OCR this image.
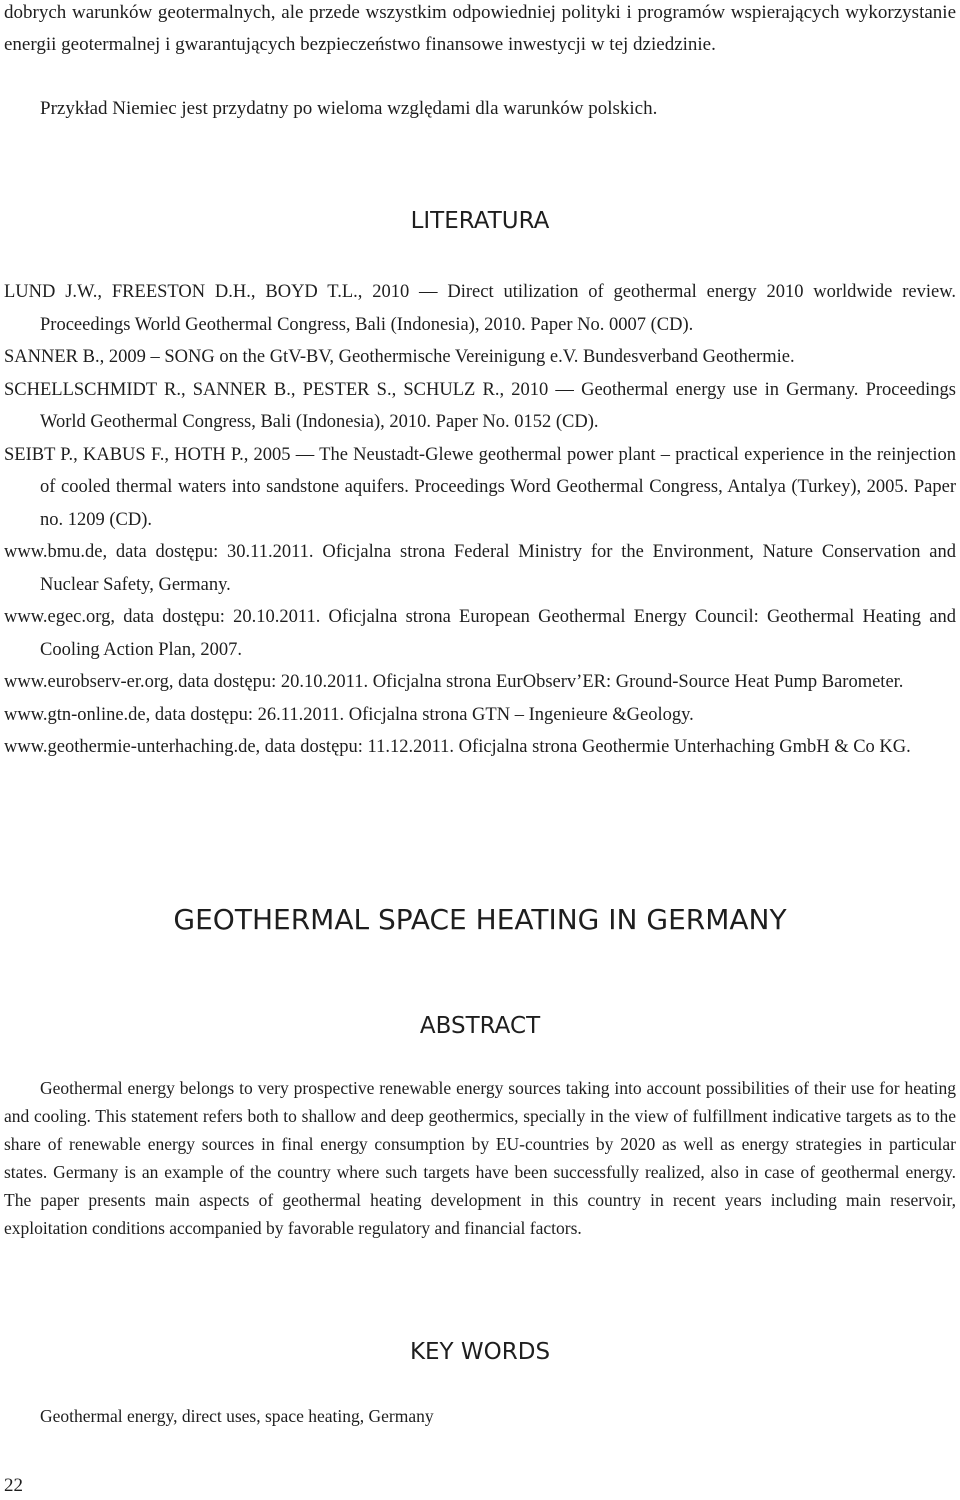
dobrych warunków geotermalnych, ale przede wszystkim odpowiedniej polityki i programów wspierających wykorzystanie energii geotermalnej i gwarantujących bezpieczeństwo finansowe inwestycji w tej dziedzinie.

Przykład Niemiec jest przydatny po wieloma względami dla warunków polskich.

LITERATURA
LUND J.W., FREESTON D.H., BOYD T.L., 2010 — Direct utilization of geothermal energy 2010 worldwide review. Proceedings World Geothermal Congress, Bali (Indonesia), 2010. Paper No. 0007 (CD).
SANNER B., 2009 – SONG on the GtV-BV, Geothermische Vereinigung e.V. Bundesverband Geothermie.
SCHELLSCHMIDT R., SANNER B., PESTER S., SCHULZ R., 2010 — Geothermal energy use in Germany. Proceedings World Geothermal Congress, Bali (Indonesia), 2010. Paper No. 0152 (CD).
SEIBT P., KABUS F., HOTH P., 2005 — The Neustadt-Glewe geothermal power plant – practical experience in the reinjection of cooled thermal waters into sandstone aquifers. Proceedings Word Geothermal Congress, Antalya (Turkey), 2005. Paper no. 1209 (CD).
www.bmu.de, data dostępu: 30.11.2011. Oficjalna strona Federal Ministry for the Environment, Nature Conservation and Nuclear Safety, Germany.
www.egec.org, data dostępu: 20.10.2011. Oficjalna strona European Geothermal Energy Council: Geothermal Heating and Cooling Action Plan, 2007.
www.eurobserv-er.org, data dostępu: 20.10.2011. Oficjalna strona EurObserv’ER: Ground-Source Heat Pump Barometer.
www.gtn-online.de, data dostępu: 26.11.2011. Oficjalna strona GTN – Ingenieure &Geology.
www.geothermie-unterhaching.de, data dostępu: 11.12.2011. Oficjalna strona Geothermie Unterhaching GmbH & Co KG.
GEOTHERMAL SPACE HEATING IN GERMANY
ABSTRACT

Geothermal energy belongs to very prospective renewable energy sources taking into account possibilities of their use for heating and cooling. This statement refers both to shallow and deep geothermics, specially in the view of fulfillment indicative targets as to the share of renewable energy sources in final energy consumption by EU-countries by 2020 as well as energy strategies in particular states. Germany is an example of the country where such targets have been successfully realized, also in case of geothermal energy. The paper presents main aspects of geothermal heating development in this country in recent years including main reservoir, exploitation conditions accompanied by favorable regulatory and financial factors.

KEY WORDS

Geothermal energy, direct uses, space heating, Germany

22
